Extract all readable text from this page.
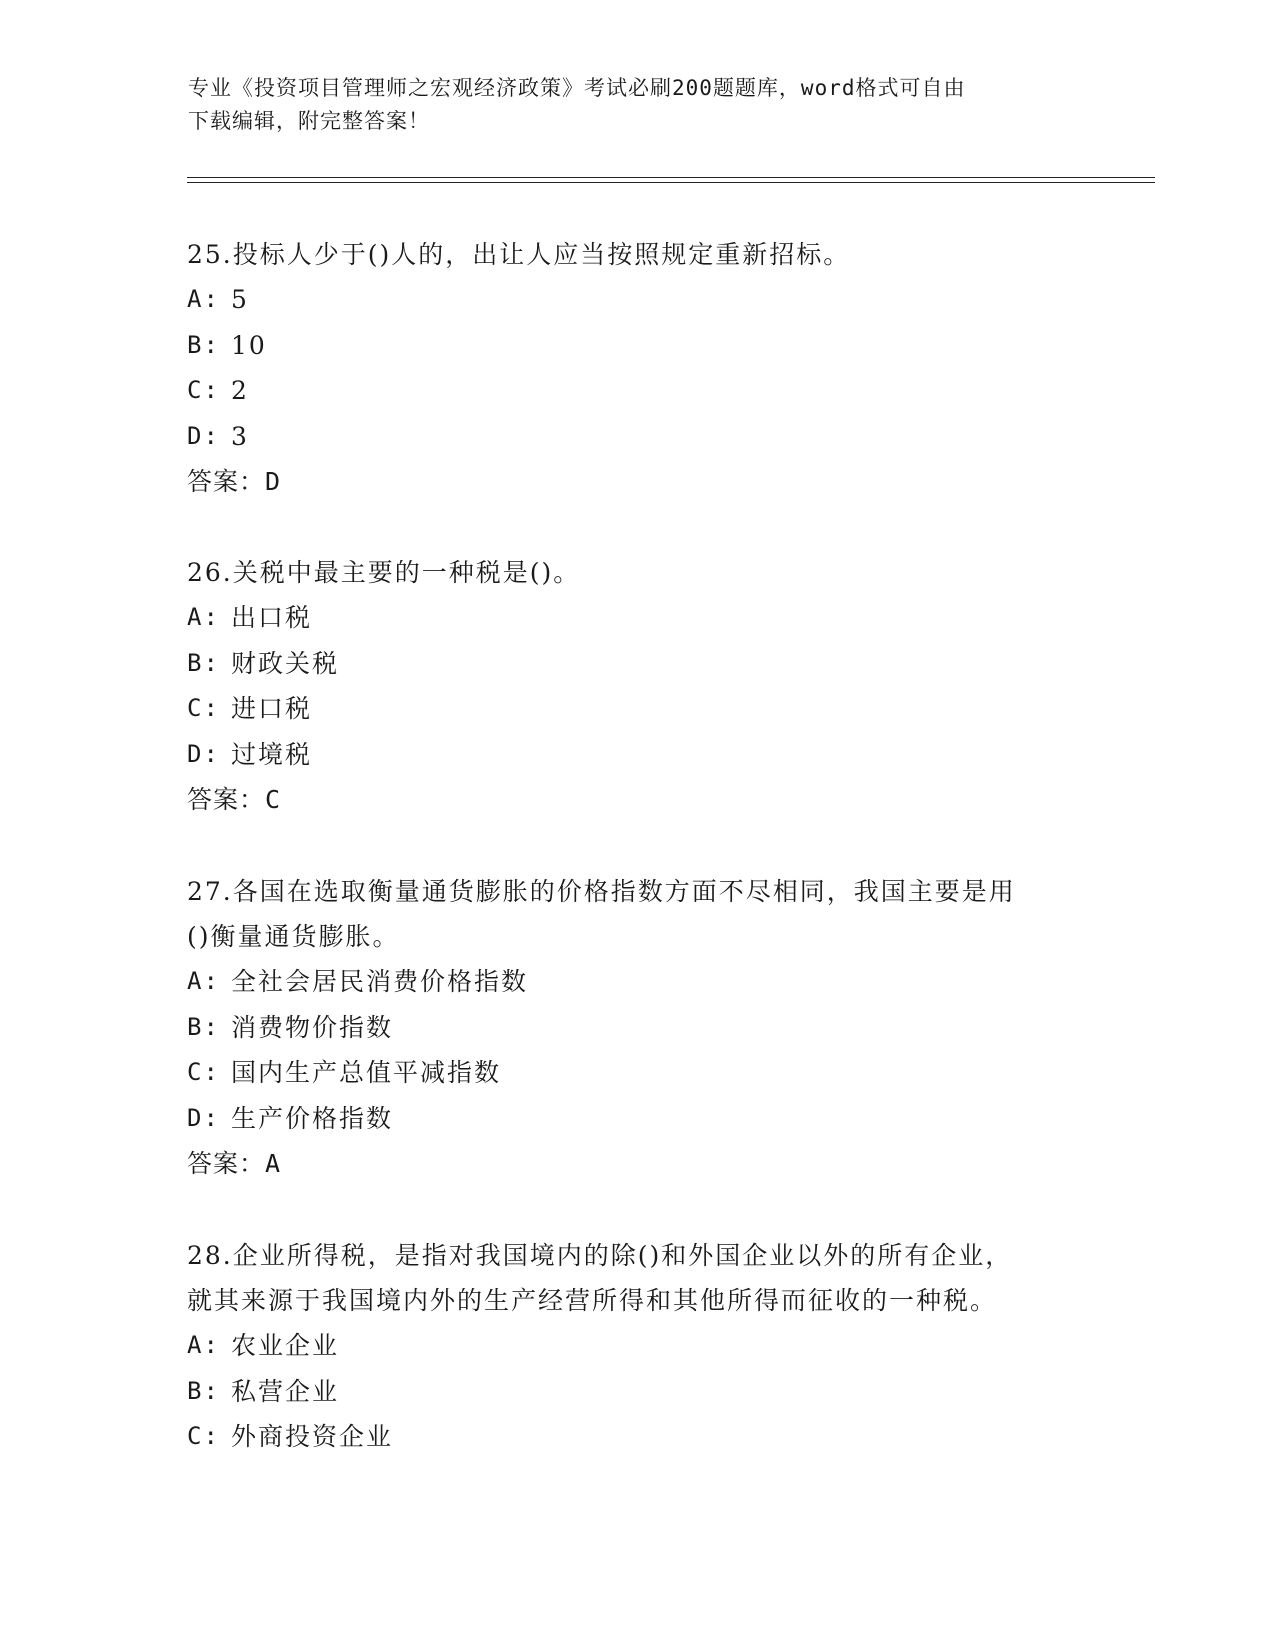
专业《投资项目管理师之宏观经济政策》考试必刷200题题库，word格式可自由
下载编辑，附完整答案！

25.投标人少于()人的，出让人应当按照规定重新招标。

A: 5

B: 10

C: 2

D: 3

答案：D

26.关税中最主要的一种税是()。

A: 出口税

B: 财政关税

C: 进口税

D: 过境税

答案：C

27.各国在选取衡量通货膨胀的价格指数方面不尽相同，我国主要是用
()衡量通货膨胀。

A: 全社会居民消费价格指数

B: 消费物价指数

C: 国内生产总值平减指数

D: 生产价格指数

答案：A

28.企业所得税，是指对我国境内的除()和外国企业以外的所有企业，
就其来源于我国境内外的生产经营所得和其他所得而征收的一种税。

A: 农业企业

B: 私营企业

C: 外商投资企业
